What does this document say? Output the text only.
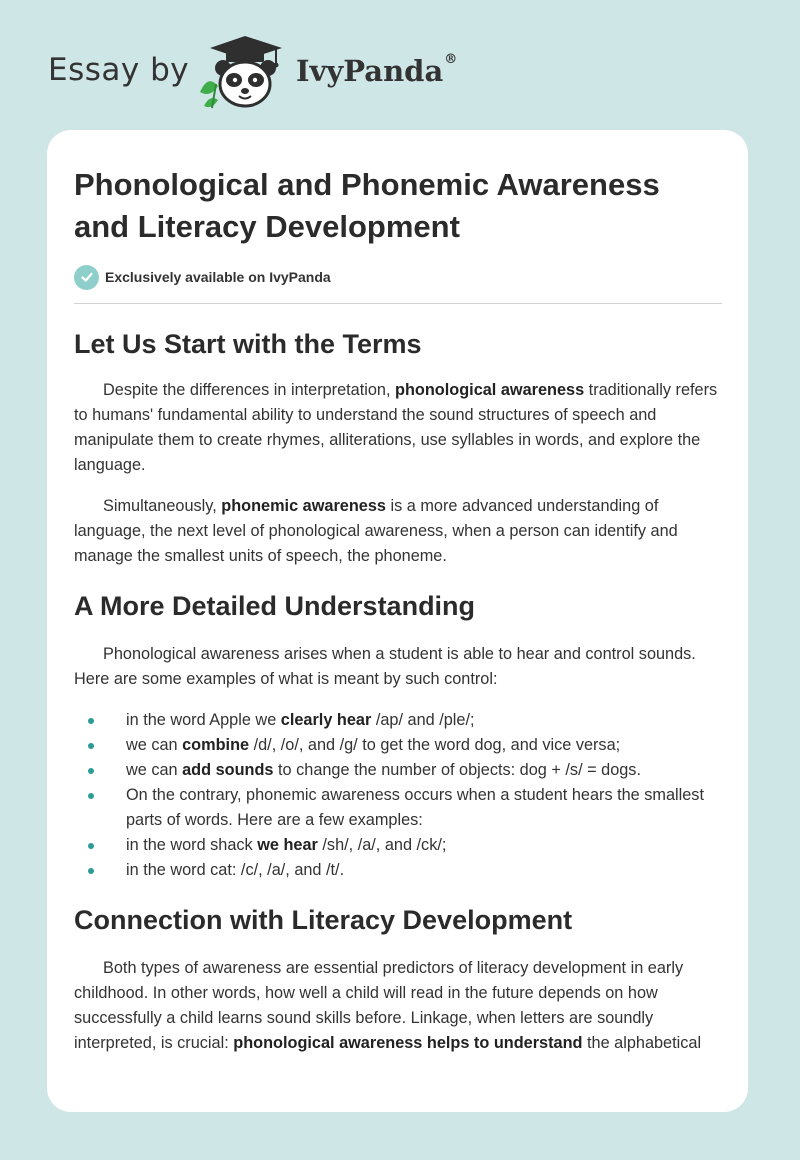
Essay by	IvyPanda®
Phonological and Phonemic Awareness and Literacy Development
Exclusively available on IvyPanda
Let Us Start with the Terms

Despite the differences in interpretation, phonological awareness traditionally refers to humans' fundamental ability to understand the sound structures of speech and manipulate them to create rhymes, alliterations, use syllables in words, and explore the language.

Simultaneously, phonemic awareness is a more advanced understanding of language, the next level of phonological awareness, when a person can identify and manage the smallest units of speech, the phoneme.

A More Detailed Understanding

Phonological awareness arises when a student is able to hear and control sounds. Here are some examples of what is meant by such control:

in the word Apple we clearly hear /ap/ and /ple/;
we can combine /d/, /o/, and /g/ to get the word dog, and vice versa;
we can add sounds to change the number of objects: dog + /s/ = dogs.
On the contrary, phonemic awareness occurs when a student hears the smallest parts of words. Here are a few examples:
in the word shack we hear /sh/, /a/, and /ck/;
in the word cat: /c/, /a/, and /t/.
Connection with Literacy Development

Both types of awareness are essential predictors of literacy development in early childhood. In other words, how well a child will read in the future depends on how successfully a child learns sound skills before. Linkage, when letters are soundly interpreted, is crucial: phonological awareness helps to understand the alphabetical
